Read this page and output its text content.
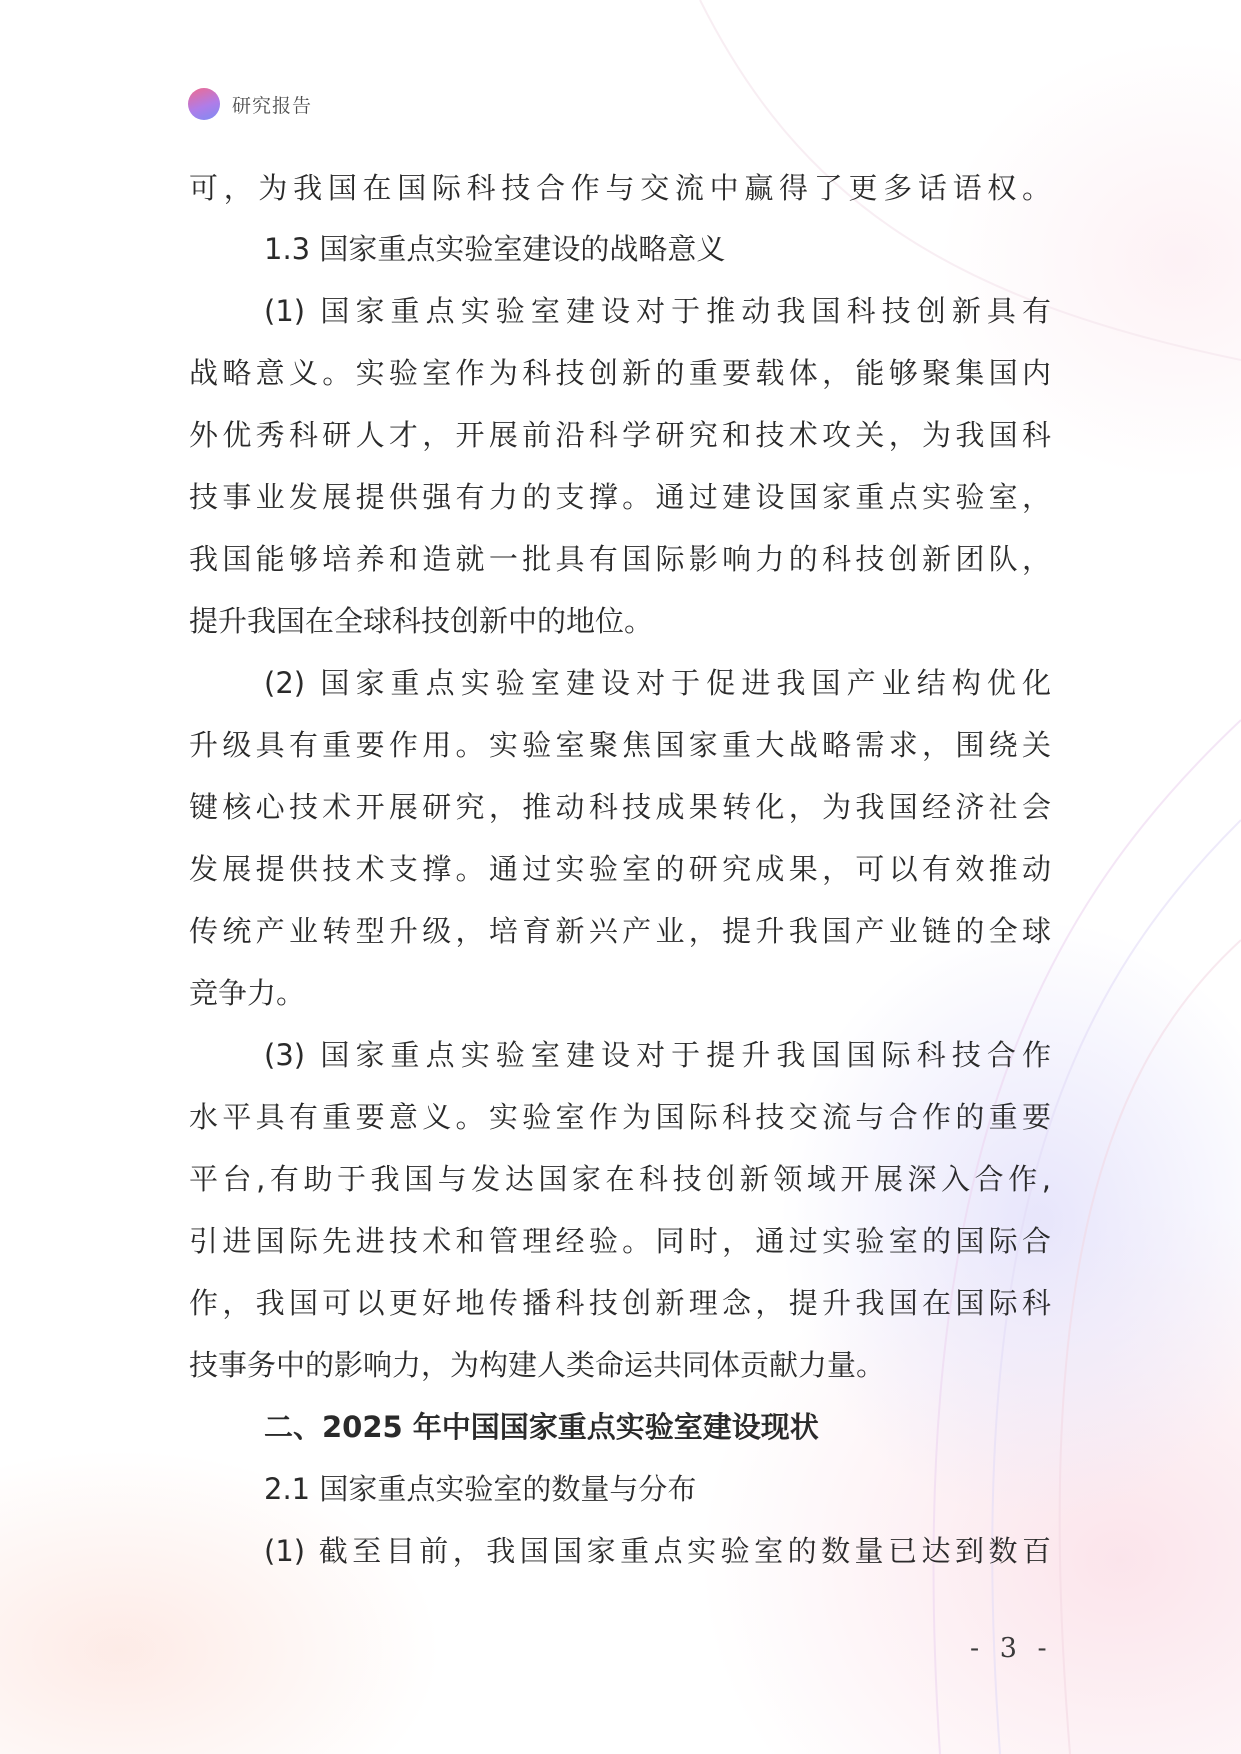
研究报告

可，为我国在国际科技合作与交流中赢得了更多话语权。

1.3 国家重点实验室建设的战略意义

(1) 国家重点实验室建设对于推动我国科技创新具有

战略意义。实验室作为科技创新的重要载体，能够聚集国内

外优秀科研人才，开展前沿科学研究和技术攻关，为我国科

技事业发展提供强有力的支撑。通过建设国家重点实验室，

我国能够培养和造就一批具有国际影响力的科技创新团队，

提升我国在全球科技创新中的地位。

(2) 国家重点实验室建设对于促进我国产业结构优化

升级具有重要作用。实验室聚焦国家重大战略需求，围绕关

键核心技术开展研究，推动科技成果转化，为我国经济社会

发展提供技术支撑。通过实验室的研究成果，可以有效推动

传统产业转型升级，培育新兴产业，提升我国产业链的全球

竞争力。

(3) 国家重点实验室建设对于提升我国国际科技合作

水平具有重要意义。实验室作为国际科技交流与合作的重要

平台,有助于我国与发达国家在科技创新领域开展深入合作,

引进国际先进技术和管理经验。同时，通过实验室的国际合

作，我国可以更好地传播科技创新理念，提升我国在国际科

技事务中的影响力，为构建人类命运共同体贡献力量。

二、2025 年中国国家重点实验室建设现状

2.1 国家重点实验室的数量与分布

(1) 截至目前，我国国家重点实验室的数量已达到数百

- 3 -
